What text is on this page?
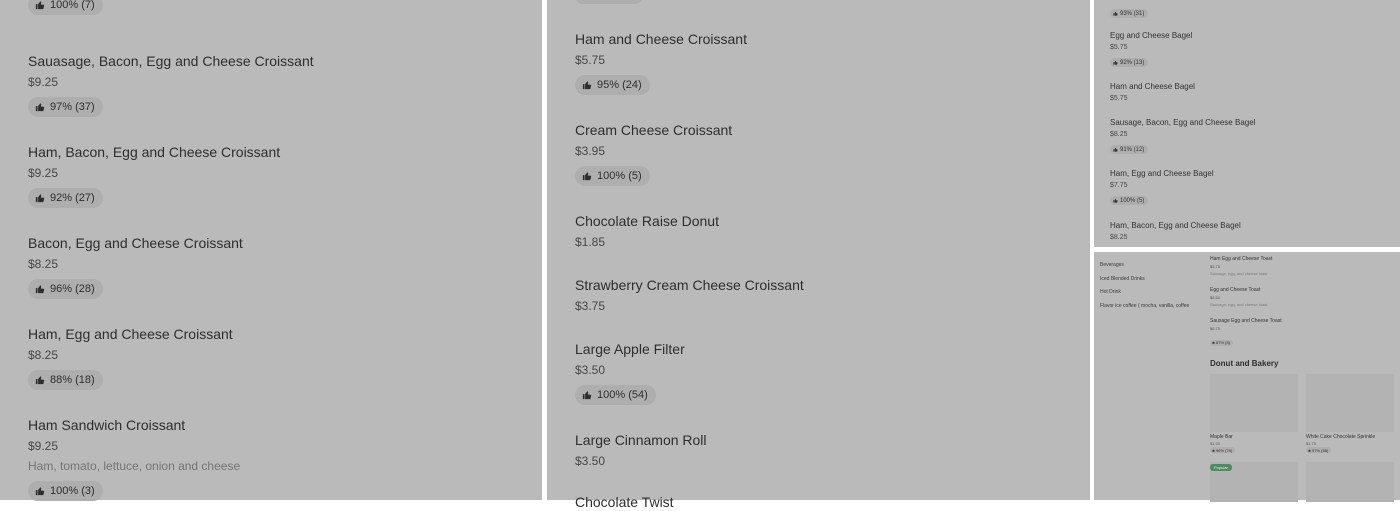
100% (7)
Sauasage, Bacon, Egg and Cheese Croissant
$9.25
97% (37)
Ham, Bacon, Egg and Cheese Croissant
$9.25
92% (27)
Bacon, Egg and Cheese Croissant
$8.25
96% (28)
Ham, Egg and Cheese Croissant
$8.25
88% (18)
Ham Sandwich Croissant
$9.25
Ham, tomato, lettuce, onion and cheese
100% (3)
Ham and Cheese Croissant
$5.75
95% (24)
Cream Cheese Croissant
$3.95
100% (5)
Chocolate Raise Donut
$1.85
Strawberry Cream Cheese Croissant
$3.75
Large Apple Filter
$3.50
100% (54)
Large Cinnamon Roll
$3.50
Chocolate Twist
93% (31)
Egg and Cheese Bagel
$5.75
92% (13)
Ham and Cheese Bagel
$5.75
Sausage, Bacon, Egg and Cheese Bagel
$8.25
91% (12)
Ham, Egg and Cheese Bagel
$7.75
100% (5)
Ham, Bacon, Egg and Cheese Bagel
$8.25
Beverages
Iced Blended Drinks
Hot Drink
Flavor ice coffee ( mocha, vanilla, coffee
Ham Egg and Cheese Toast
$5.75
Sausage, egg, and cheese toast
Egg and Cheese Toast
$5.50
Sausage, egg, and cheese toast
Sausage Egg and Cheese Toast
$6.75
87% (8)
Donut and Bakery
Maple Bar
$1.90
96% (79)
White Cake Chocolate Sprinkle
$1.75
97% (98)
Popular
